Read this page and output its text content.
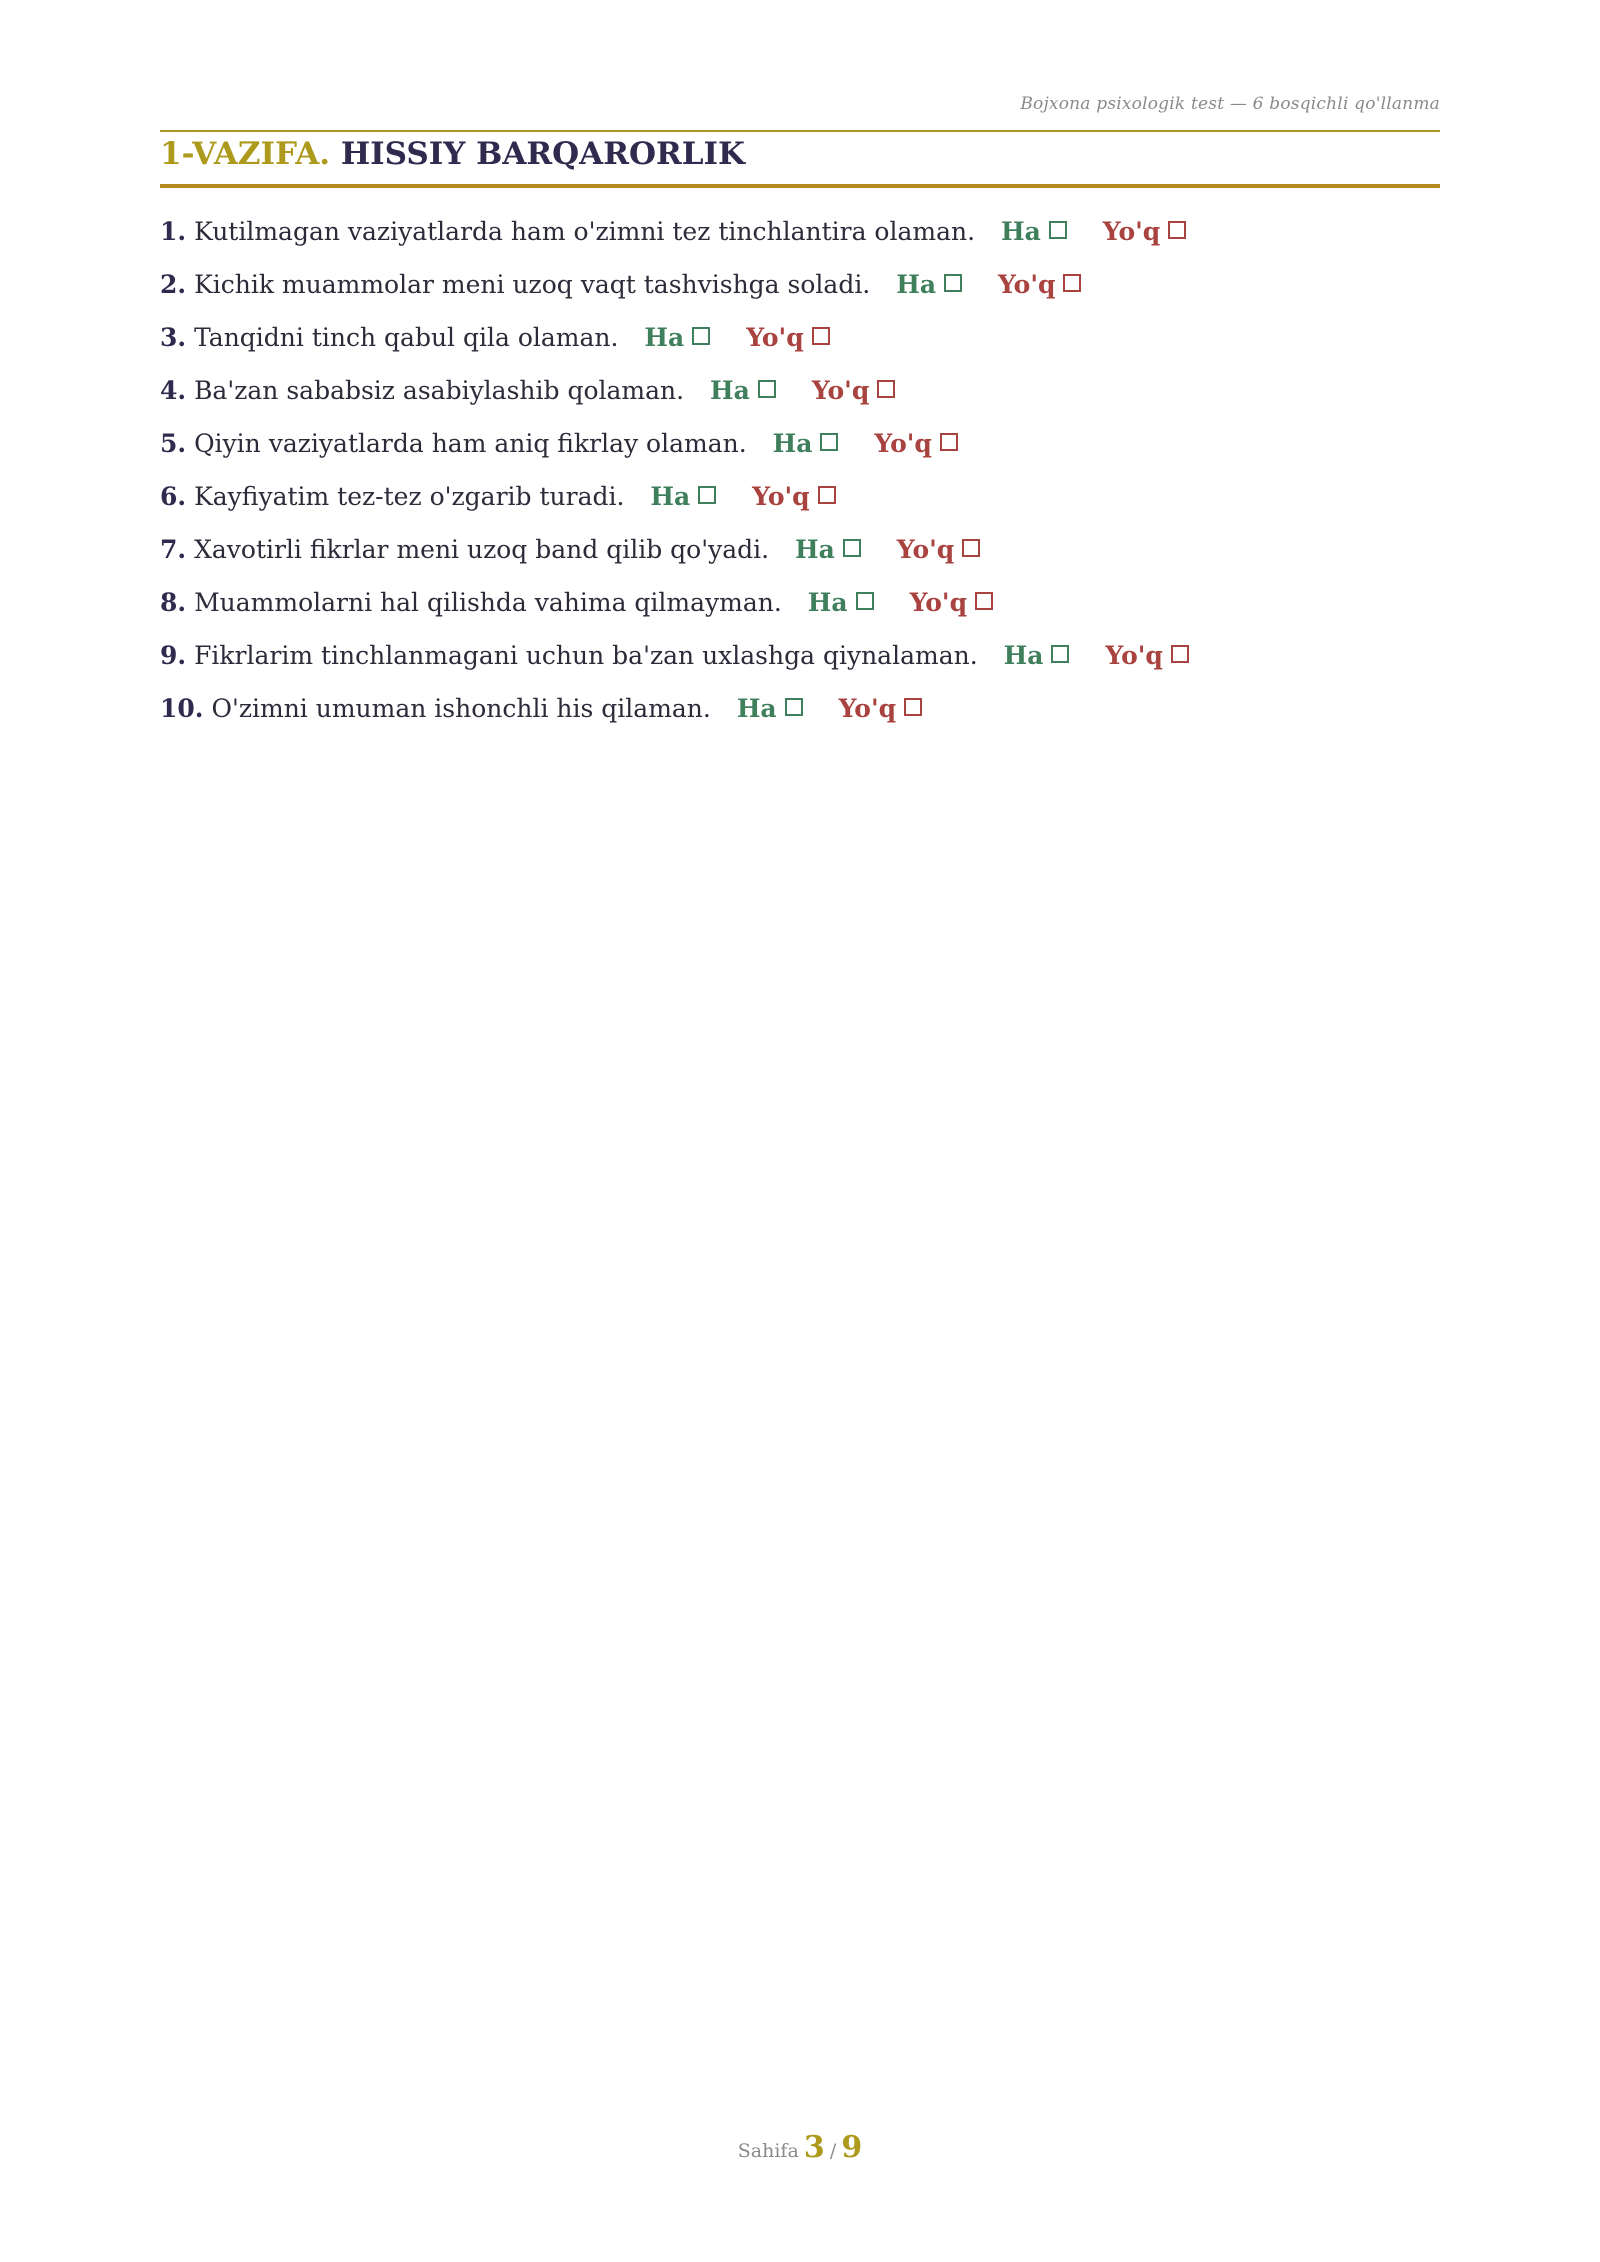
Bojxona psixologik test — 6 bosqichli qo'llanma
1-VAZIFA. HISSIY BARQARORLIK
1. Kutilmagan vaziyatlarda ham o'zimni tez tinchlantira olaman. Ha Yo'q
2. Kichik muammolar meni uzoq vaqt tashvishga soladi. Ha Yo'q
3. Tanqidni tinch qabul qila olaman. Ha Yo'q
4. Ba'zan sababsiz asabiylashib qolaman. Ha Yo'q
5. Qiyin vaziyatlarda ham aniq fikrlay olaman. Ha Yo'q
6. Kayfiyatim tez-tez o'zgarib turadi. Ha Yo'q
7. Xavotirli fikrlar meni uzoq band qilib qo'yadi. Ha Yo'q
8. Muammolarni hal qilishda vahima qilmayman. Ha Yo'q
9. Fikrlarim tinchlanmagani uchun ba'zan uxlashga qiynalaman. Ha Yo'q
10. O'zimni umuman ishonchli his qilaman. Ha Yo'q
Sahifa 3 / 9
